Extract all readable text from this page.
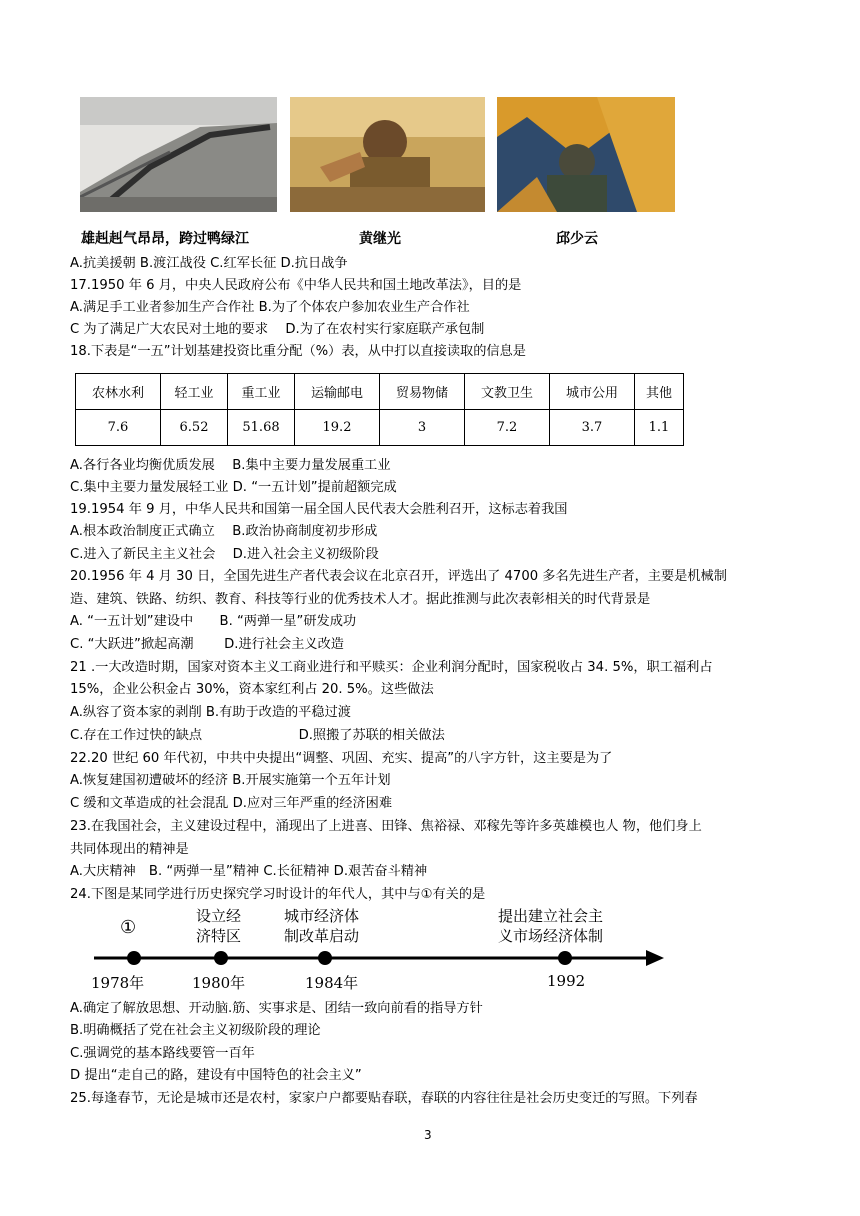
雄赳赳气昂昂，跨过鸭绿江	黄继光	邱少云
A.抗美援朝 B.渡江战役 C.红军长征 D.抗日战争
17.1950 年 6 月，中央人民政府公布《中华人民共和国土地改革法》，目的是
A.满足手工业者参加生产合作社 B.为了个体农户参加农业生产合作社
C 为了满足广大农民对土地的要求　 D.为了在农村实行家庭联产承包制
18.下表是“一五”计划基建投资比重分配（%）表，从中打以直接读取的信息是
农林水利	轻工业	重工业	运输邮电	贸易物储	文教卫生	城市公用	其他
7.6	6.52	51.68	19.2	3	7.2	3.7	1.1
A.各行各业均衡优质发展　 B.集中主要力量发展重工业
C.集中主要力量发展轻工业 D. “一五计划”提前超额完成
19.1954 年 9 月，中华人民共和国第一届全国人民代表大会胜利召开，这标志着我国
A.根本政治制度正式确立　 B.政治协商制度初步形成
C.进入了新民主主义社会　 D.进入社会主义初级阶段
20.1956 年 4 月 30 日，全国先进生产者代表会议在北京召开，评选出了 4700 多名先进生产者，主要是机械制
造、建筑、铁路、纺织、教育、科技等行业的优秀技术人才。据此推测与此次表彰相关的时代背景是
A. “一五计划”建设中　　B. “两弹一星”研发成功
C. “大跃进”掀起高潮　　 D.进行社会主义改造
21 .一大改造时期，国家对资本主义工商业进行和平赎买：企业利润分配时，国家税收占 34. 5%，职工福利占
15%，企业公积金占 30%，资本家红利占 20. 5%。这些做法
A.纵容了资本家的剥削 B.有助于改造的平稳过渡
C.存在工作过快的缺点　　　　　　　 D.照搬了苏联的相关做法
22.20 世纪 60 年代初，中共中央提出“调整、巩固、充实、提高”的八字方针，这主要是为了
A.恢复建国初遭破坏的经济 B.开展实施第一个五年计划
C 缓和文革造成的社会混乱 D.应对三年严重的经济困难
23.在我国社会，主义建设过程中，涌现出了上进喜、田锋、焦裕禄、邓稼先等许多英雄模也人 物，他们身上
共同体现出的精神是
A.大庆精神　B. “两弹一星”精神 C.长征精神 D.艰苦奋斗精神
24.下图是某同学进行历史探究学习时设计的年代人，其中与①有关的是
①
设立经
济特区
城市经济体
制改革启动
提出建立社会主
义市场经济体制
1978年	1980年	1984年	1992
A.确定了解放思想、开动脑.筋、实事求是、团结一致向前看的指导方针
B.明确概括了党在社会主义初级阶段的理论
C.强调党的基本路线要管一百年
D 提出“走自己的路，建设有中国特色的社会主义”
25.每逢春节，无论是城市还是农村，家家户户都要贴春联，春联的内容往往是社会历史变迁的写照。下列春
3
